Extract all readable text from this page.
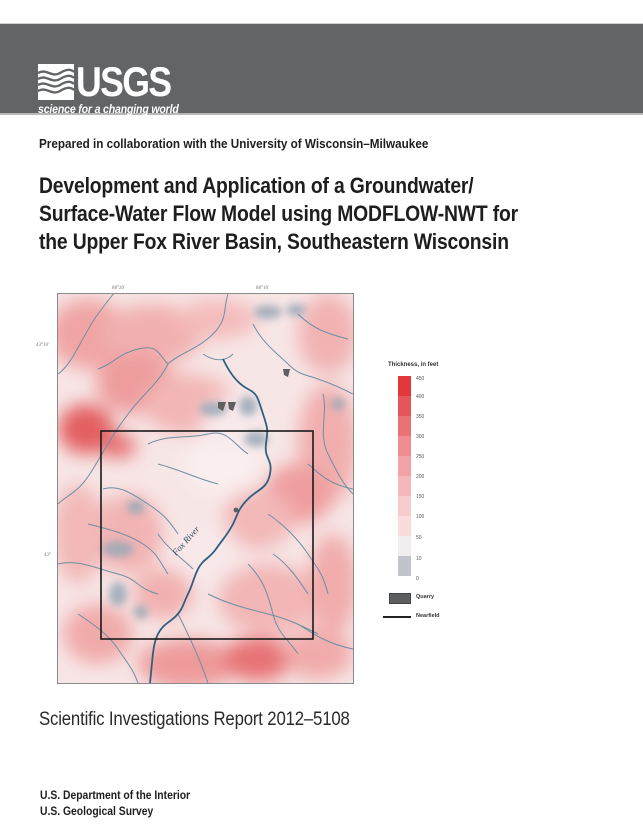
USGS
science for a changing world
Prepared in collaboration with the University of Wisconsin–Milwaukee
Development and Application of a Groundwater/
Surface-Water Flow Model using MODFLOW-NWT for
the Upper Fox River Basin, Southeastern Wisconsin
88°20'	88°10'
43°10'
43°	Fox River
Thickness, in feet
450
400
350
300
250
200
150
100
50
10
0
Quarry
Nearfield
Scientific Investigations Report 2012–5108
U.S. Department of the Interior
U.S. Geological Survey
